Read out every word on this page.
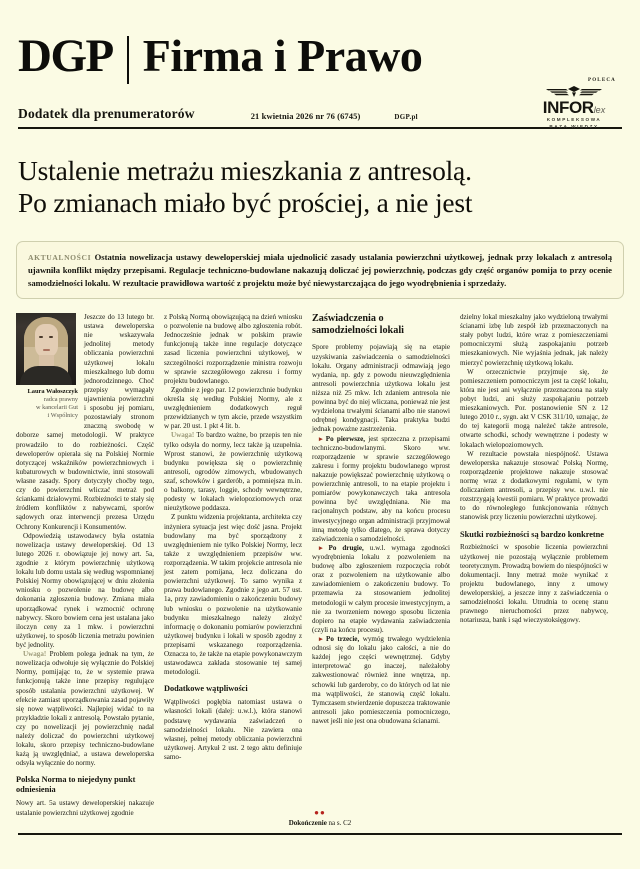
DGP Firma i Prawo
Dodatek dla prenumeratorów	21 kwietnia 2026 nr 76 (6745)	DGP.pl
POLECA
INFORlex
KOMPLEKSOWA
BAZA WIEDZY
Ustalenie metrażu mieszkania z antresolą.
Po zmianach miało być prościej, a nie jest

AKTUALNOŚCI Ostatnia nowelizacja ustawy deweloperskiej miała ujednolicić zasady ustalania powierzchni użytkowej, jednak przy lokalach z antresolą ujawniła konflikt między przepisami. Regulacje techniczno-budowlane nakazują doliczać jej powierzchnię, podczas gdy część organów pomija to przy ocenie samodzielności lokalu. W rezultacie prawidłowa wartość z projektu może być niewystarczająca do jego wyodrębnienia i sprzedaży.

Laura Wałoszczyk
radca prawny
w kancelarii Gut
i Wspólnicy

Jeszcze do 13 lutego br. ustawa deweloperska nie wskazywała jednolitej metody obliczania powierzchni użytkowej lokalu mieszkalnego lub domu jednorodzinnego. Choć przepisy wymagały ujawnienia powierzchni i sposobu jej pomiaru, pozostawiały stronom znaczną swobodę w doborze samej metodologii. W praktyce prowadziło to do rozbieżności. Część deweloperów opierała się na Polskiej Normie dotyczącej wskaźników powierzchniowych i kubaturowych w budownictwie, inni stosowali własne zasady. Spory dotyczyły choćby tego, czy do powierzchni wliczać metraż pod ściankami działowymi. Rozbieżności te stały się źródłem konfliktów z nabywcami, sporów sądowych oraz interwencji prezesa Urzędu Ochrony Konkurencji i Konsumentów.

Odpowiedzią ustawodawcy była ostatnia nowelizacja ustawy deweloperskiej. Od 13 lutego 2026 r. obowiązuje jej nowy art. 5a, zgodnie z którym powierzchnię użytkową lokalu lub domu ustala się według wspomnianej Polskiej Normy obowiązującej w dniu złożenia wniosku o pozwolenie na budowę albo dokonania zgłoszenia budowy. Zmiana miała uporządkować rynek i wzmocnić ochronę nabywcy. Skoro bowiem cena jest ustalana jako iloczyn ceny za 1 mkw. i powierzchni użytkowej, to sposób liczenia metrażu powinien być jednolity.

Uwaga! Problem polega jednak na tym, że nowelizacja odwołuje się wyłącznie do Polskiej Normy, pomijając to, że w systemie prawa funkcjonują także inne przepisy regulujące sposób ustalania powierzchni użytkowej. W efekcie zamiast uporządkowania zasad pojawiły się nowe wątpliwości. Najlepiej widać to na przykładzie lokali z antresolą. Powstało pytanie, czy po nowelizacji jej powierzchnię nadal należy doliczać do powierzchni użytkowej lokalu, skoro przepisy techniczno-budowlane każą ją uwzględniać, a ustawa deweloperska odsyła wyłącznie do normy.

Polska Norma to niejedyny punkt odniesienia

Nowy art. 5a ustawy deweloperskiej nakazuje ustalanie powierzchni użytkowej zgodnie

z Polską Normą obowiązującą na dzień wniosku o pozwolenie na budowę albo zgłoszenia robót. Jednocześnie jednak w polskim prawie funkcjonują także inne regulacje dotyczące zasad liczenia powierzchni użytkowej, w szczególności rozporządzenie ministra rozwoju w sprawie szczegółowego zakresu i formy projektu budowlanego.

Zgodnie z jego par. 12 powierzchnie budynku określa się według Polskiej Normy, ale z uwzględnieniem dodatkowych reguł przewidzianych w tym akcie, przede wszystkim w par. 20 ust. 1 pkt 4 lit. b.

Uwaga! To bardzo ważne, bo przepis ten nie tylko odsyła do normy, lecz także ją uzupełnia. Wprost stanowi, że powierzchnię użytkową budynku powiększa się o powierzchnię antresoli, ogrodów zimowych, wbudowanych szaf, schowków i garderób, a pomniejsza m.in. o balkony, tarasy, loggie, schody wewnętrzne, podesty w lokalach wielopoziomowych oraz nieużytkowe poddasza.

Z punktu widzenia projektanta, architekta czy inżyniera sytuacja jest więc dość jasna. Projekt budowlany ma być sporządzony z uwzględnieniem nie tylko Polskiej Normy, lecz także z uwzględnieniem przepisów ww. rozporządzenia. W takim projekcie antresola nie jest zatem pomijana, lecz doliczana do powierzchni użytkowej. To samo wynika z prawa budowlanego. Zgodnie z jego art. 57 ust. 1a, przy zawiadomieniu o zakończeniu budowy lub wniosku o pozwolenie na użytkowanie budynku mieszkalnego należy złożyć informację o dokonaniu pomiarów powierzchni użytkowej budynku i lokali w sposób zgodny z przepisami wskazanego rozporządzenia. Oznacza to, że także na etapie powykonawczym ustawodawca zakłada stosowanie tej samej metodologii.

Dodatkowe wątpliwości

Wątpliwości pogłębia natomiast ustawa o własności lokali (dalej: u.w.l.), która stanowi podstawę wydawania zaświadczeń o samodzielności lokalu. Nie zawiera ona własnej, pełnej metody obliczania powierzchni użytkowej. Artykuł 2 ust. 2 tego aktu definiuje samo-

Zaświadczenia o samodzielności lokali

Spore problemy pojawiają się na etapie uzyskiwania zaświadczenia o samodzielności lokalu. Organy administracji odmawiają jego wydania, np. gdy z powodu nieuwzględnienia antresoli powierzchnia użytkowa lokalu jest niższa niż 25 mkw. Ich zdaniem antresola nie powinna być do niej wliczana, ponieważ nie jest wydzielona trwałymi ścianami albo nie stanowi odrębnej kondygnacji. Taka praktyka budzi jednak poważne zastrzeżenia.

▸ Po pierwsze, jest sprzeczna z przepisami techniczno-budowlanymi. Skoro ww. rozporządzenie w sprawie szczegółowego zakresu i formy projektu budowlanego wprost nakazuje powiększać powierzchnię użytkową o powierzchnię antresoli, to na etapie projektu i pomiarów powykonawczych taka antresola powinna być uwzględniana. Nie ma racjonalnych podstaw, aby na końcu procesu inwestycyjnego organ administracji przyjmował inną metodę tylko dlatego, że sprawa dotyczy zaświadczenia o samodzielności.

▸ Po drugie, u.w.l. wymaga zgodności wyodrębnienia lokalu z pozwoleniem na budowę albo zgłoszeniem rozpoczęcia robót oraz z pozwoleniem na użytkowanie albo zawiadomieniem o zakończeniu budowy. To przemawia za stosowaniem jednolitej metodologii w całym procesie inwestycyjnym, a nie za tworzeniem nowego sposobu liczenia dopiero na etapie wydawania zaświadczenia (czyli na końcu procesu).

▸ Po trzecie, wymóg trwałego wydzielenia odnosi się do lokalu jako całości, a nie do każdej jego części wewnętrznej. Gdyby interpretować go inaczej, należałoby zakwestionować również inne wnętrza, np. schowki lub garderoby, co do których od lat nie ma wątpliwości, że stanowią część lokalu. Tymczasem stwierdzenie dopuszcza traktowanie antresoli jako pomieszczenia pomocniczego, nawet jeśli nie jest ona obudowana ścianami.

dzielny lokal mieszkalny jako wydzieloną trwałymi ścianami izbę lub zespół izb przeznaczonych na stały pobyt ludzi, które wraz z pomieszczeniami pomocniczymi służą zaspokajaniu potrzeb mieszkaniowych. Nie wyjaśnia jednak, jak należy mierzyć powierzchnię użytkową lokalu.

W orzecznictwie przyjmuje się, że pomieszczeniem pomocniczym jest ta część lokalu, która nie jest ani wyłącznie przeznaczona na stały pobyt ludzi, ani służy zaspokajaniu potrzeb mieszkaniowych. Por. postanowienie SN z 12 lutego 2010 r., sygn. akt V CSK 311/10, uznając, że do tej kategorii mogą należeć także antresole, otwarte schodki, schody wewnętrzne i podesty w lokalach wielopoziomowych.

W rezultacie powstała niespójność. Ustawa deweloperska nakazuje stosować Polską Normę, rozporządzenie projektowe nakazuje stosować normę wraz z dodatkowymi regułami, w tym doliczaniem antresoli, a przepisy ww. u.w.l. nie rozstrzygają kwestii pomiaru. W praktyce prowadzi to do równoległego funkcjonowania różnych stanowisk przy liczeniu powierzchni użytkowej.

Skutki rozbieżności są bardzo konkretne

Rozbieżności w sposobie liczenia powierzchni użytkowej nie pozostają wyłącznie problemem teoretycznym. Prowadzą bowiem do niespójności w dokumentacji. Inny metraż może wynikać z projektu budowlanego, inny z umowy deweloperskiej, a jeszcze inny z zaświadczenia o samodzielności lokalu. Utrudnia to ocenę stanu prawnego nieruchomości przez nabywcę, notariusza, bank i sąd wieczystoksięgowy.

●●
Dokończenie na s. C2
